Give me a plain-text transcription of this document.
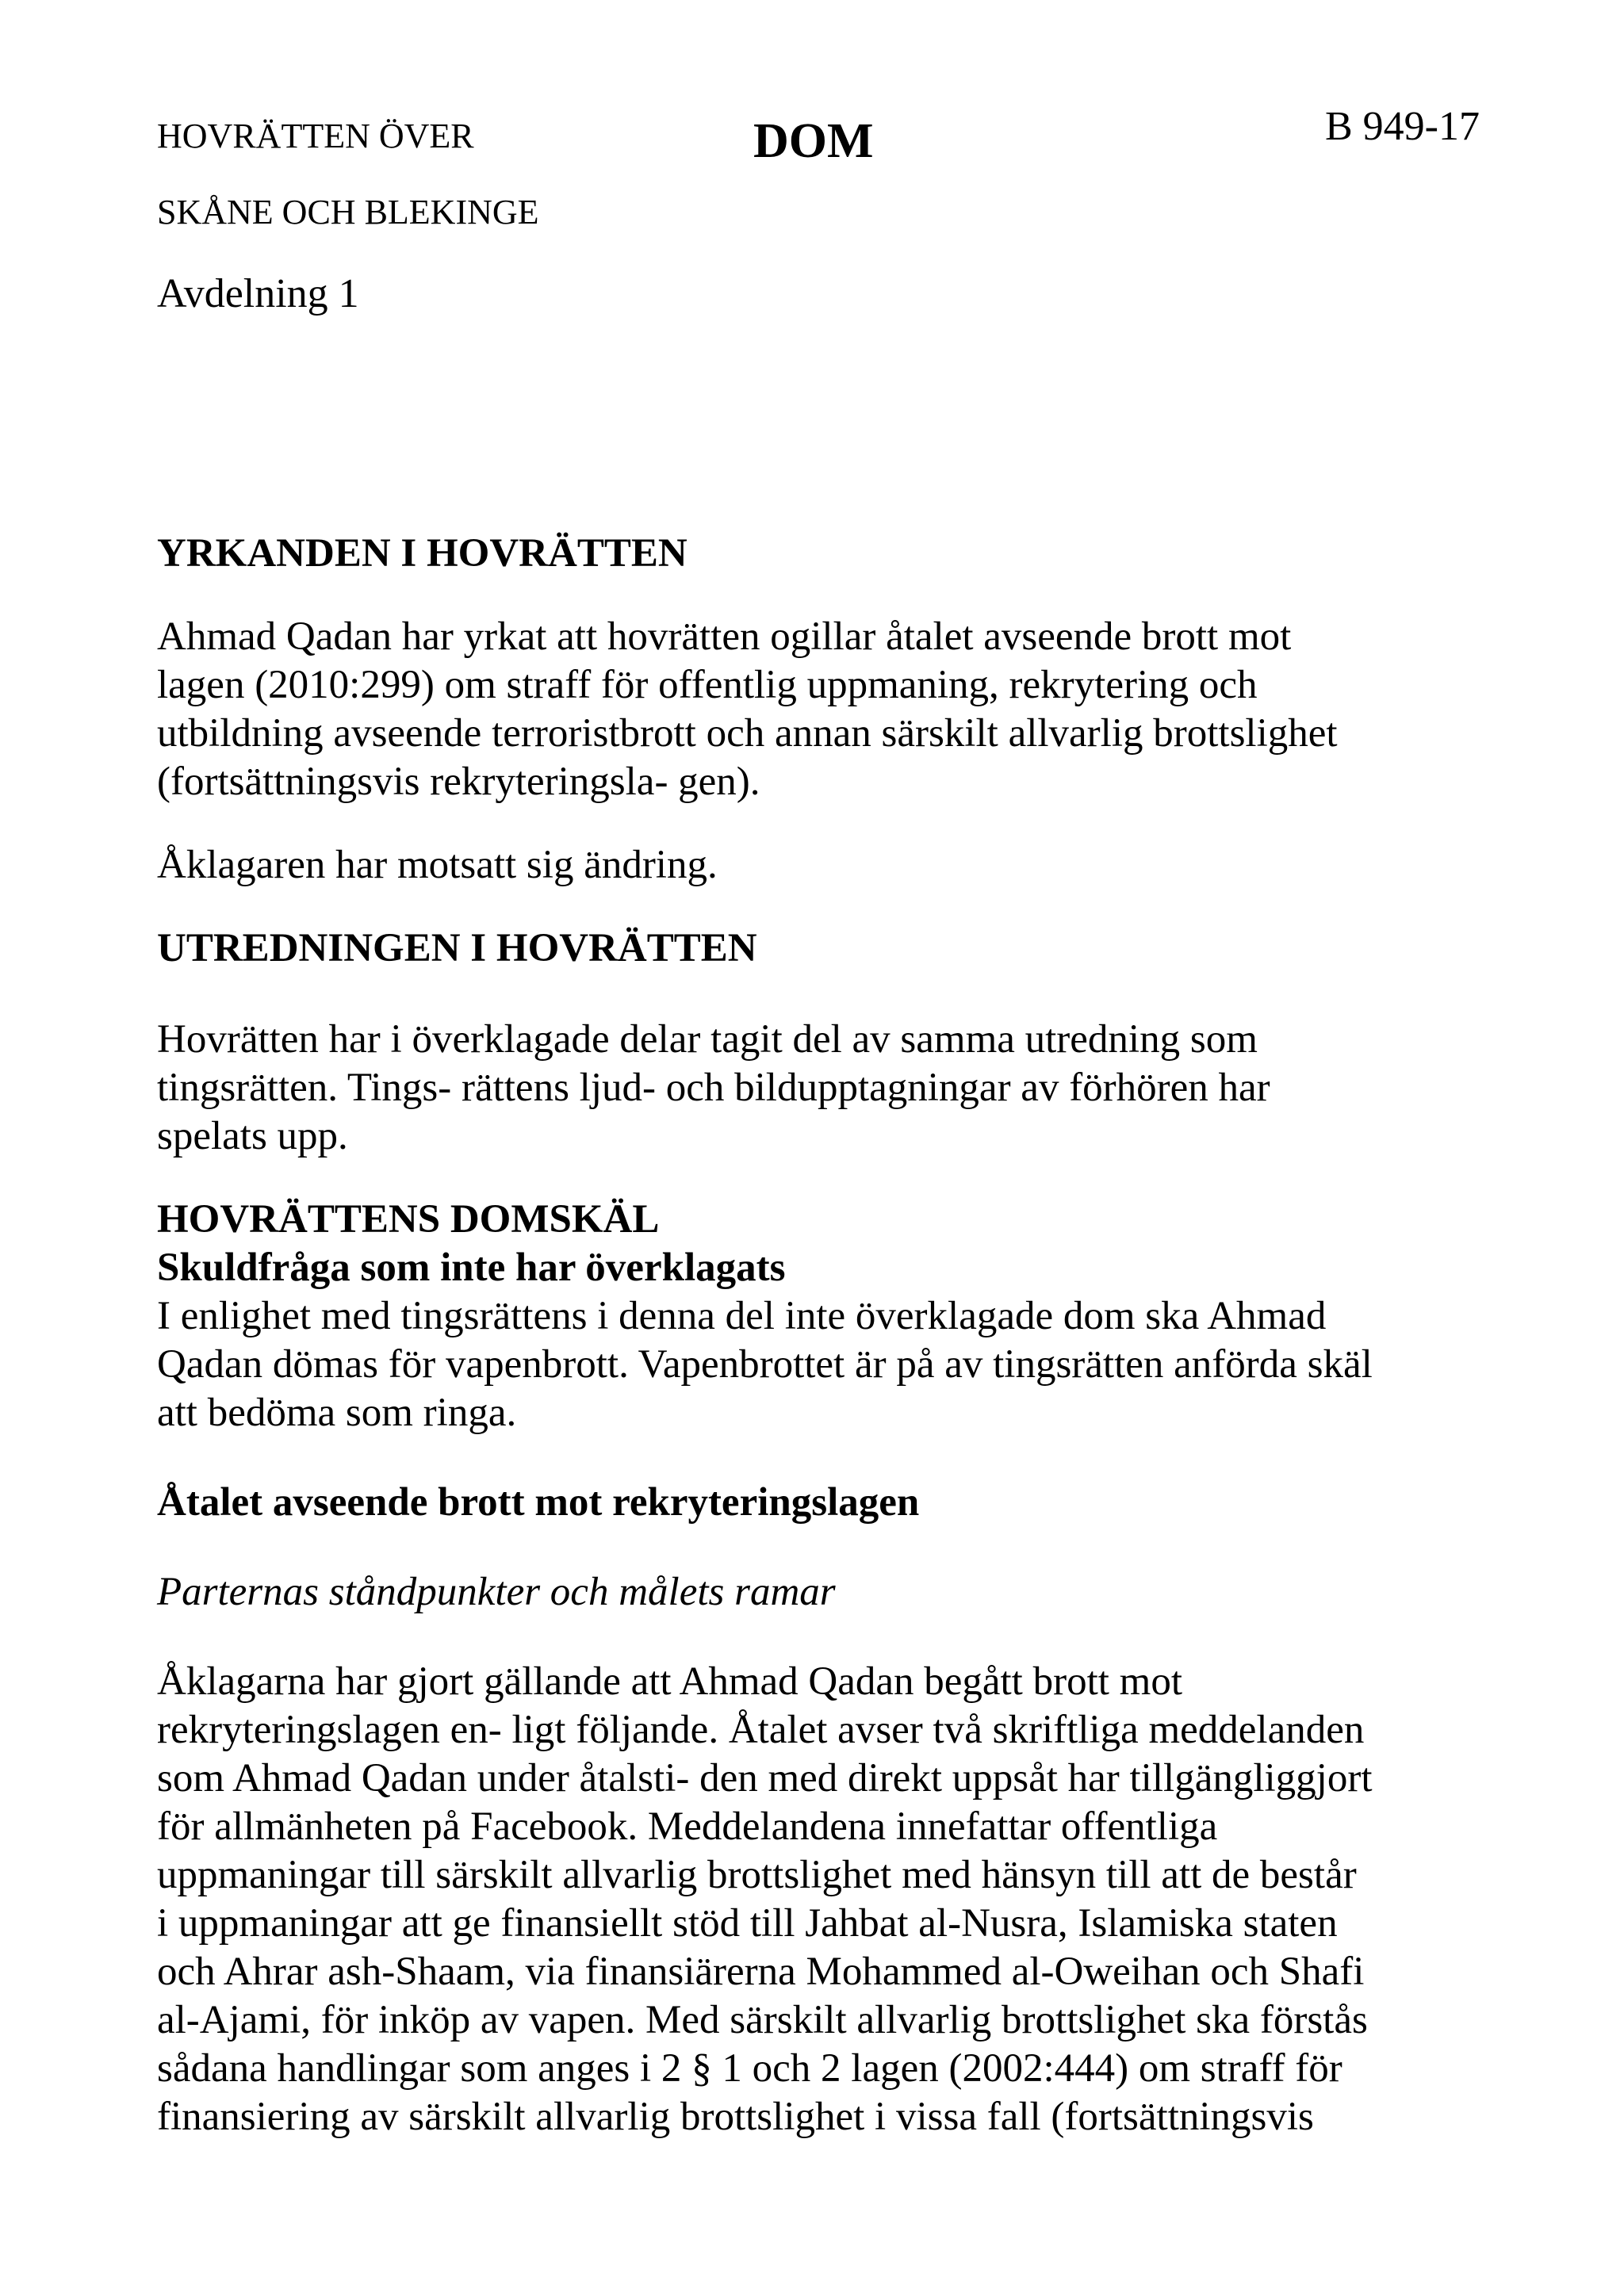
HOVRÄTTEN ÖVER
SKÅNE OCH BLEKINGE
Avdelning 1
DOM	B 949-17
YRKANDEN I HOVRÄTTEN

Ahmad Qadan har yrkat att hovrätten ogillar åtalet avseende brott mot
lagen (2010:299) om straff för offentlig uppmaning, rekrytering och
utbildning avseende terroristbrott och annan särskilt allvarlig brottslighet
(fortsättningsvis rekryteringsla- gen).

Åklagaren har motsatt sig ändring.

UTREDNINGEN I HOVRÄTTEN

Hovrätten har i överklagade delar tagit del av samma utredning som
tingsrätten. Tings- rättens ljud- och bildupptagningar av förhören har
spelats upp.

HOVRÄTTENS DOMSKÄL
Skuldfråga som inte har överklagats

I enlighet med tingsrättens i denna del inte överklagade dom ska Ahmad
Qadan dömas för vapenbrott. Vapenbrottet är på av tingsrätten anförda skäl
att bedöma som ringa.

Åtalet avseende brott mot rekryteringslagen

Parternas ståndpunkter och målets ramar

Åklagarna har gjort gällande att Ahmad Qadan begått brott mot
rekryteringslagen en- ligt följande. Åtalet avser två skriftliga meddelanden
som Ahmad Qadan under åtalsti- den med direkt uppsåt har tillgängliggjort
för allmänheten på Facebook. Meddelandena innefattar offentliga
uppmaningar till särskilt allvarlig brottslighet med hänsyn till att de består
i uppmaningar att ge finansiellt stöd till Jahbat al-Nusra, Islamiska staten
och Ahrar ash-Shaam, via finansiärerna Mohammed al-Oweihan och Shafi
al-Ajami, för inköp av vapen. Med särskilt allvarlig brottslighet ska förstås
sådana handlingar som anges i 2 § 1 och 2 lagen (2002:444) om straff för
finansiering av särskilt allvarlig brottslighet i vissa fall (fortsättningsvis
